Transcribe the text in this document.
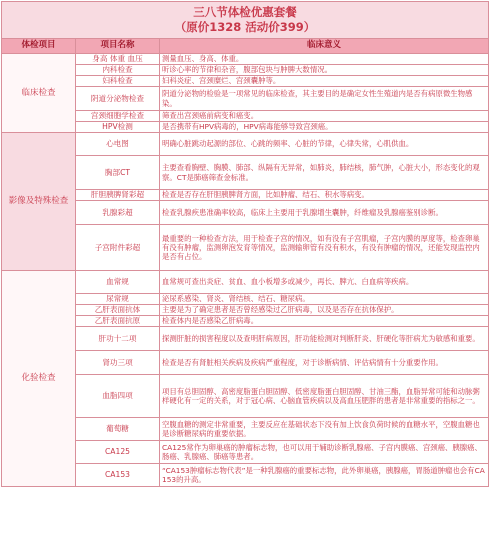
三八节体检优惠套餐
（原价1328 活动价399）		

体检项目	项目名称	临床意义
临床检查	身高 体重 血压	测量血压、身高、体重。
	内科检查	听诊心率的节律和杂音，腹部包块与肿脾大数情况。
	妇科检查	妇科炎症、宫颈糜烂、宫颈囊肿等。
	阴道分泌物检查	阴道分泌物的检验是一项常见的临床检查，其主要目的是确定女性生殖道内是否有病原微生物感染。
	宫颈细胞学检查	筛查出宫颈癌前病变和癌变。
	HPV检测	是否携带有HPV病毒的，HPV病毒能够导致宫颈癌。
影像及特殊检查	心电图	明确心脏跳动起源的部位、心跳的频率、心脏的节律，心律失常，心肌供血。
	胸部CT	主要查看胸壁、胸膜、肺部、纵隔有无异常，如肺炎，肺结核，肺气肿，心脏大小，形态变化的观察。CT是肺癌筛查金标准。
	肝胆胰脾肾彩超	检查是否存在肝胆胰脾肾方面，比如肿瘤、结石、积水等病变。
	乳腺彩超	检查乳腺疾患准确率较高，临床上主要用于乳腺增生囊肿，纤维瘤及乳腺癌鉴别诊断。
	子宫附件彩超	最重要的一种检查方法，用于检查子宫的情况，如有没有子宫肌瘤，子宫内膜的厚度等，检查卵巢有没有肿瘤，监测卵泡发育等情况，监测输卵管有没有积水，有没有肿瘤的情况，还能发现监控内是否有占位。
化验检查	血常规	血常规可查出炎症、贫血、血小板增多或减少，再长、脾亢、白血病等疾病。
	尿常规	泌尿系感染、肾炎、肾结核、结石、糖尿病。
	乙肝表面抗体	主要是为了确定患者是否曾经感染过乙肝病毒，以及是否存在抗体保护。
	乙肝表面抗原	检查体内是否感染乙肝病毒。
	肝功十二项	探测肝脏的损害程度以及查明肝病原因，肝功能检测对判断肝炎、肝硬化等肝病尤为敏感和重要。
	肾功三项	检查是否有肾脏相关疾病及疾病严重程度，对于诊断病情、评估病情有十分重要作用。
	血脂四项	项目有总胆固醇、高密度脂蛋白胆固醇、低密度脂蛋白胆固醇、甘油三酯，血脂异常可能和动脉粥样硬化有一定的关系，对于冠心病、心脑血管疾病以及高血压肥胖的患者是非常重要的指标之一。
	葡萄糖	空腹血糖的测定非常重要，主要反应在基础状态下没有加上饮食负荷时候的血糖水平，空腹血糖也是诊断糖尿病的重要依据。
	CA125	CA125常作为卵巢癌的肿瘤标志物，也可以用于辅助诊断乳腺癌、子宫内膜癌、宫颈癌、胰腺癌、肠癌、乳腺癌、肺癌等患者。
	CA153	“CA153肿瘤标志物代表”是一种乳腺癌的重要标志物，此外卵巢癌，胰腺癌，胃肠道肿瘤也会有CA153的升高。
